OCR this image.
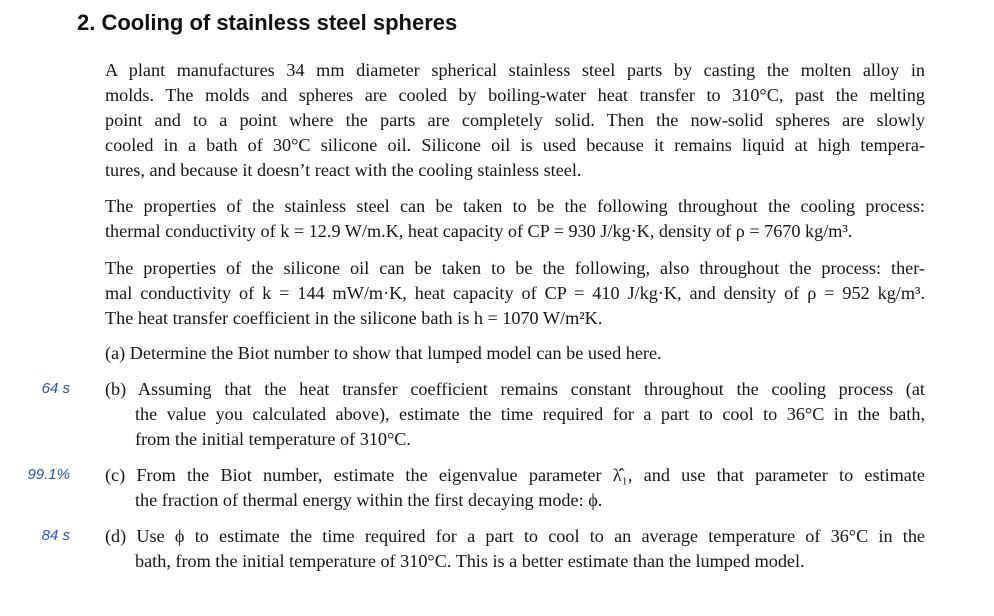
2. Cooling of stainless steel spheres

A plant manufactures 34 mm diameter spherical stainless steel parts by casting the molten alloy in
molds. The molds and spheres are cooled by boiling-water heat transfer to 310°C, past the melting
point and to a point where the parts are completely solid. Then the now-solid spheres are slowly
cooled in a bath of 30°C silicone oil. Silicone oil is used because it remains liquid at high tempera-
tures, and because it doesn’t react with the cooling stainless steel.

The properties of the stainless steel can be taken to be the following throughout the cooling process:
thermal conductivity of k = 12.9 W/m.K, heat capacity of CP = 930 J/kg·K, density of ρ = 7670 kg/m³.

The properties of the silicone oil can be taken to be the following, also throughout the process: ther-
mal conductivity of k = 144 mW/m·K, heat capacity of CP = 410 J/kg·K, and density of ρ = 952 kg/m³.
The heat transfer coefficient in the silicone bath is h = 1070 W/m²K.

(a) Determine the Biot number to show that lumped model can be used here.

64 s (b) Assuming that the heat transfer coefficient remains constant throughout the cooling process (at
the value you calculated above), estimate the time required for a part to cool to 36°C in the bath,
from the initial temperature of 310°C.

99.1% (c) From the Biot number, estimate the eigenvalue parameter λ̂₁, and use that parameter to estimate
the fraction of thermal energy within the first decaying mode: ϕ.

84 s (d) Use ϕ to estimate the time required for a part to cool to an average temperature of 36°C in the
bath, from the initial temperature of 310°C. This is a better estimate than the lumped model.
